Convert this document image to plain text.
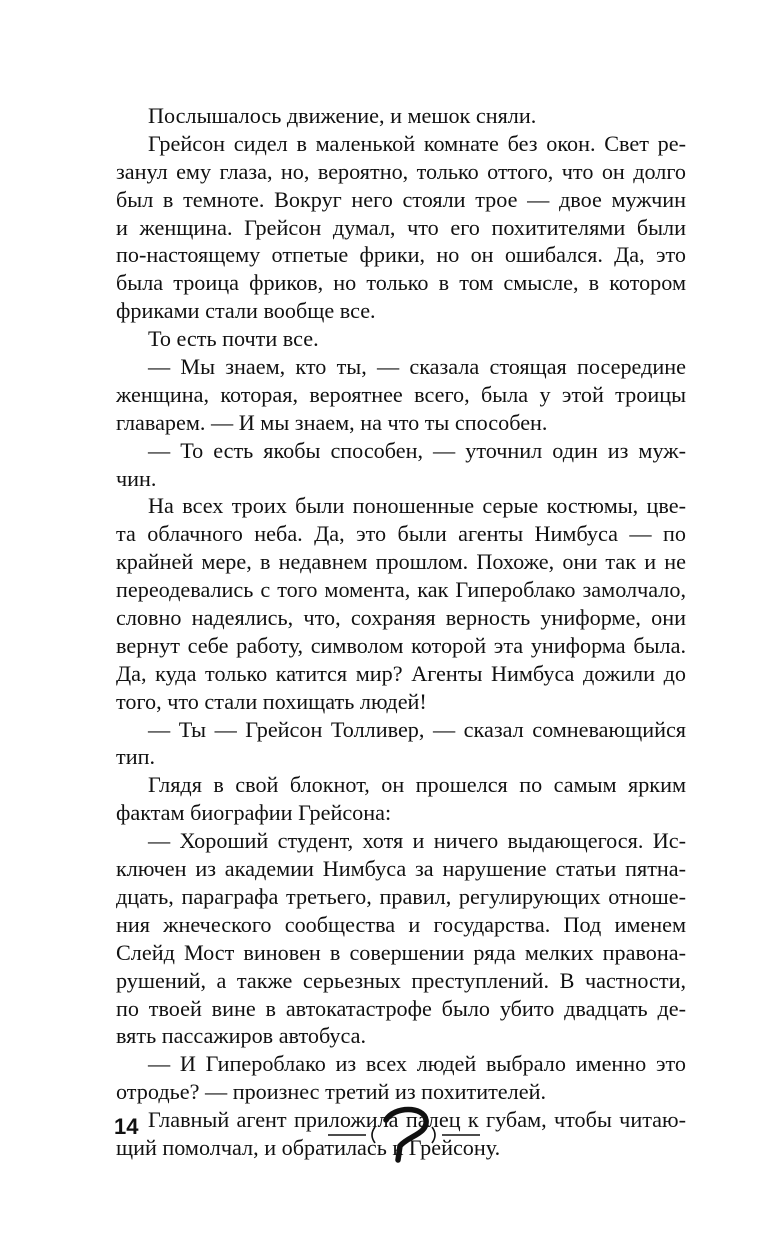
Послышалось движение, и мешок сняли.
Грейсон сидел в маленькой комнате без окон. Свет ре-
занул ему глаза, но, вероятно, только оттого, что он долго
был в темноте. Вокруг него стояли трое — двое мужчин
и женщина. Грейсон думал, что его похитителями были
по-настоящему отпетые фрики, но он ошибался. Да, это
была троица фриков, но только в том смысле, в котором
фриками стали вообще все.
То есть почти все.
— Мы знаем, кто ты, — сказала стоящая посередине
женщина, которая, вероятнее всего, была у этой троицы
главарем. — И мы знаем, на что ты способен.
— То есть якобы способен, — уточнил один из муж-
чин.
На всех троих были поношенные серые костюмы, цве-
та облачного неба. Да, это были агенты Нимбуса — по
крайней мере, в недавнем прошлом. Похоже, они так и не
переодевались с того момента, как Гипероблако замолчало,
словно надеялись, что, сохраняя верность униформе, они
вернут себе работу, символом которой эта униформа была.
Да, куда только катится мир? Агенты Нимбуса дожили до
того, что стали похищать людей!
— Ты — Грейсон Толливер, — сказал сомневающийся
тип.
Глядя в свой блокнот, он прошелся по самым ярким
фактам биографии Грейсона:
— Хороший студент, хотя и ничего выдающегося. Ис-
ключен из академии Нимбуса за нарушение статьи пятна-
дцать, параграфа третьего, правил, регулирующих отноше-
ния жнеческого сообщества и государства. Под именем
Слейд Мост виновен в совершении ряда мелких правона-
рушений, а также серьезных преступлений. В частности,
по твоей вине в автокатастрофе было убито двадцать де-
вять пассажиров автобуса.
— И Гипероблако из всех людей выбрало именно это
отродье? — произнес третий из похитителей.
Главный агент приложила палец к губам, чтобы читаю-
щий помолчал, и обратилась к Грейсону.
14
